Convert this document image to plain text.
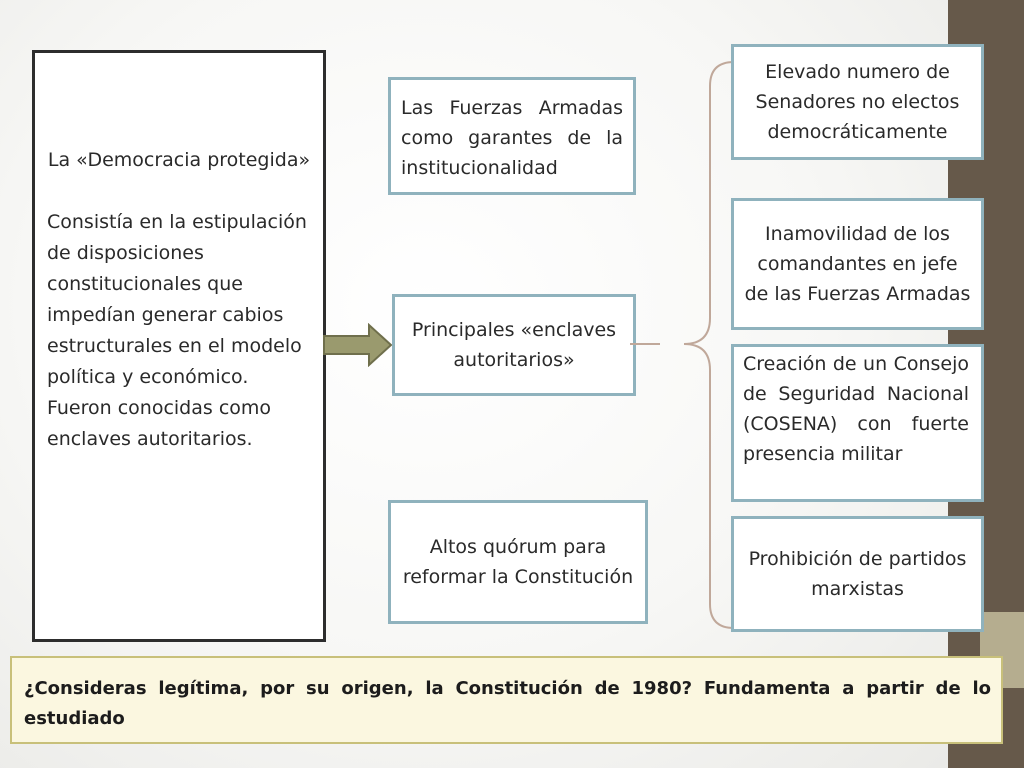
La «Democracia protegida»
Consistía en la estipulación de disposiciones constitucionales que impedían generar cabios estructurales en el modelo política y económico. Fueron conocidas como enclaves autoritarios.
Las Fuerzas Armadas como garantes de la institucionalidad
Principales «enclaves autoritarios»
Altos quórum para reformar la Constitución
Elevado numero de Senadores no electos democráticamente
Inamovilidad de los comandantes en jefe de las Fuerzas Armadas
Creación de un Consejo de Seguridad Nacional (COSENA) con fuerte presencia militar
Prohibición de partidos marxistas
¿Consideras legítima, por su origen, la Constitución de 1980? Fundamenta a partir de lo estudiado
